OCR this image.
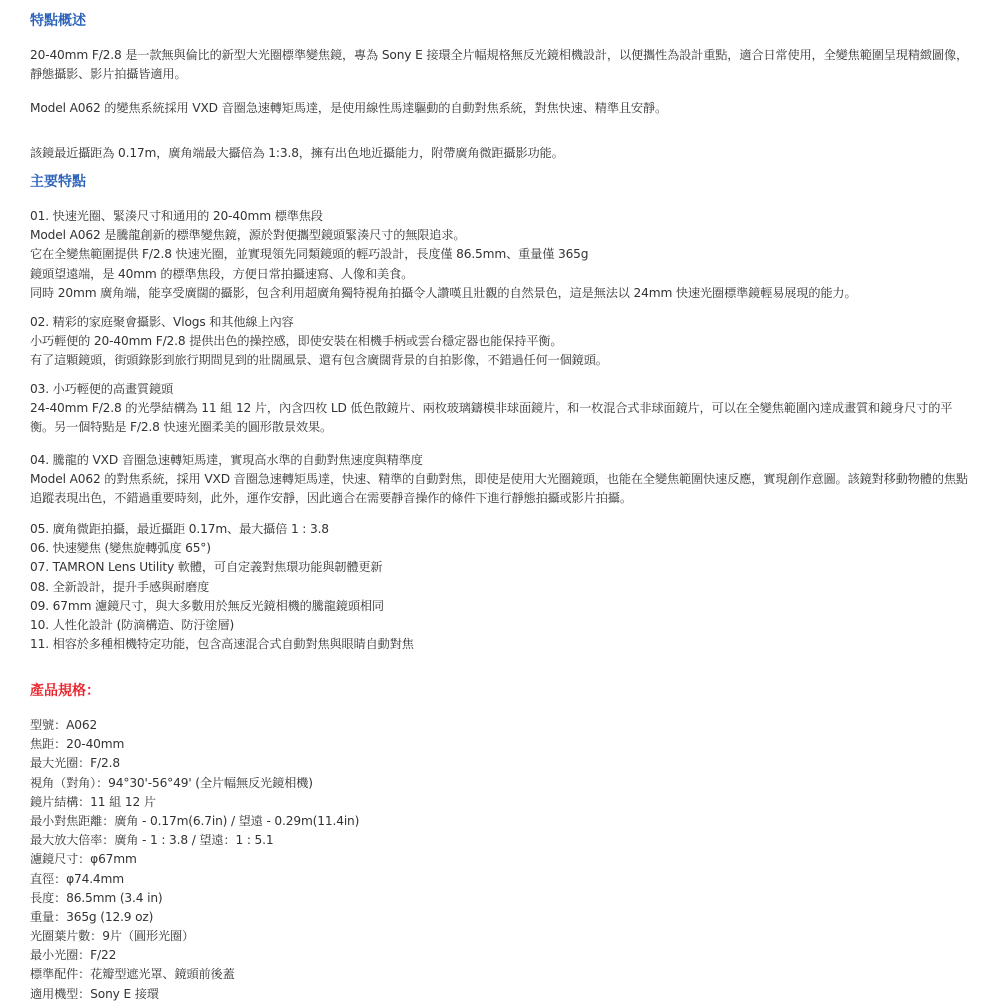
特點概述
20-40mm F/2.8 是一款無與倫比的新型大光圈標準變焦鏡，專為 Sony E 接環全片幅規格無反光鏡相機設計，以便攜性為設計重點，適合日常使用，全變焦範圍呈現精緻圖像，靜態攝影、影片拍攝皆適用。
Model A062 的變焦系統採用 VXD 音圈急速轉矩馬達，是使用線性馬達驅動的自動對焦系統，對焦快速、精準且安靜。
該鏡最近攝距為 0.17m，廣角端最大攝倍為 1:3.8，擁有出色地近攝能力，附帶廣角微距攝影功能。
主要特點
01. 快速光圈、緊湊尺寸和通用的 20-40mm 標準焦段
Model A062 是騰龍創新的標準變焦鏡，源於對便攜型鏡頭緊湊尺寸的無限追求。
它在全變焦範圍提供 F/2.8 快速光圈，並實現領先同類鏡頭的輕巧設計，長度僅 86.5mm、重量僅 365g
鏡頭望遠端，是 40mm 的標準焦段，方便日常拍攝速寫、人像和美食。
同時 20mm 廣角端，能享受廣闊的攝影，包含利用超廣角獨特視角拍攝令人讚嘆且壯觀的自然景色，這是無法以 24mm 快速光圈標準鏡輕易展現的能力。
02. 精彩的家庭聚會攝影、Vlogs 和其他線上內容
小巧輕便的 20-40mm F/2.8 提供出色的操控感，即使安裝在相機手柄或雲台穩定器也能保持平衡。
有了這顆鏡頭，街頭錄影到旅行期間見到的壯闊風景、還有包含廣闊背景的自拍影像，不錯過任何一個鏡頭。
03. 小巧輕便的高畫質鏡頭
24-40mm F/2.8 的光學結構為 11 組 12 片，內含四枚 LD 低色散鏡片、兩枚玻璃鑄模非球面鏡片，和一枚混合式非球面鏡片，可以在全變焦範圍內達成畫質和鏡身尺寸的平衡。另一個特點是 F/2.8 快速光圈柔美的圓形散景效果。
04. 騰龍的 VXD 音圈急速轉矩馬達，實現高水準的自動對焦速度與精準度
Model A062 的對焦系統，採用 VXD 音圈急速轉矩馬達，快速、精準的自動對焦，即使是使用大光圈鏡頭，也能在全變焦範圍快速反應，實現創作意圖。該鏡對移動物體的焦點追蹤表現出色，不錯過重要時刻，此外，運作安靜，因此適合在需要靜音操作的條件下進行靜態拍攝或影片拍攝。
05. 廣角微距拍攝，最近攝距 0.17m、最大攝倍 1 : 3.8
06. 快速變焦 (變焦旋轉弧度 65°)
07. TAMRON Lens Utility 軟體，可自定義對焦環功能與韌體更新
08. 全新設計，提升手感與耐磨度
09. 67mm 濾鏡尺寸，與大多數用於無反光鏡相機的騰龍鏡頭相同
10. 人性化設計 (防滴構造、防汙塗層)
11. 相容於多種相機特定功能，包含高速混合式自動對焦與眼睛自動對焦
產品規格：
型號：A062
焦距：20-40mm
最大光圈：F/2.8
視角（對角）：94°30'-56°49' (全片幅無反光鏡相機)
鏡片結構：11 組 12 片
最小對焦距離：廣角 - 0.17m(6.7in) / 望遠 - 0.29m(11.4in)
最大放大倍率：廣角 - 1 : 3.8 / 望遠：1 : 5.1
濾鏡尺寸：φ67mm
直徑：φ74.4mm
長度：86.5mm (3.4 in)
重量：365g (12.9 oz)
光圈葉片數：9片（圓形光圈）
最小光圈：F/22
標準配件：花瓣型遮光罩、鏡頭前後蓋
適用機型：Sony E 接環
